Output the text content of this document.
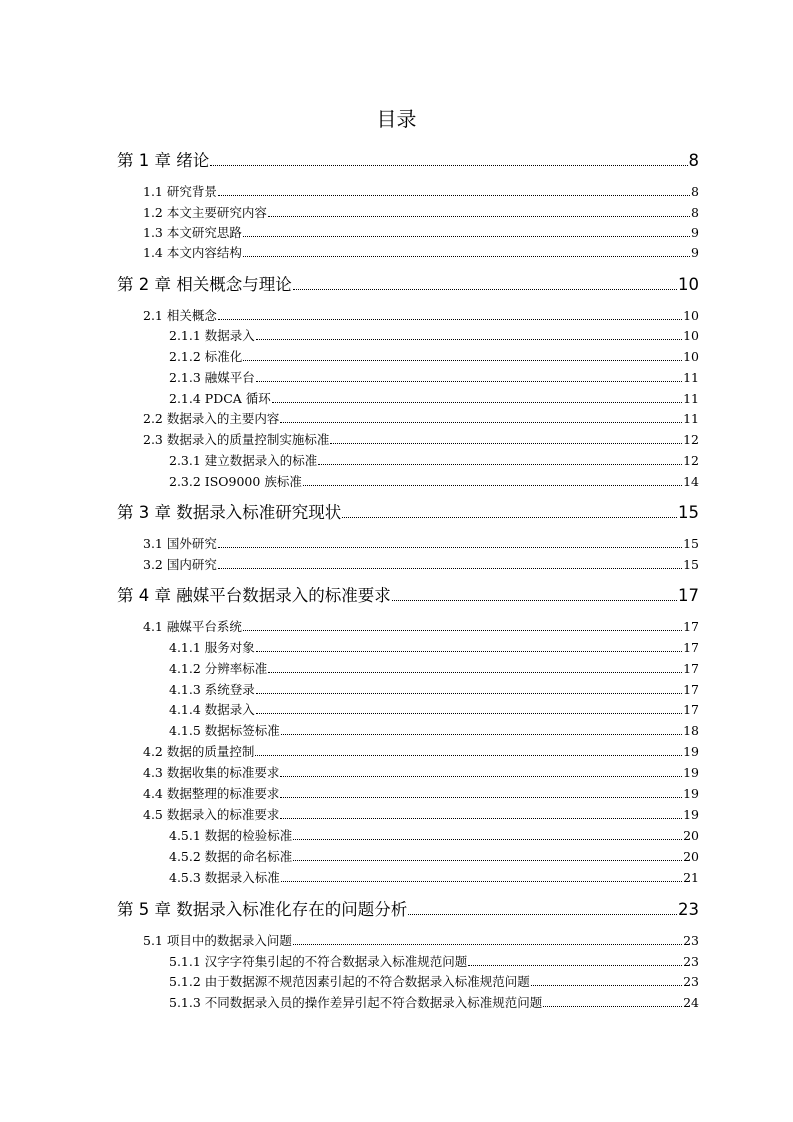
目录
第 1 章 绪论	8
1.1 研究背景	8
1.2 本文主要研究内容	8
1.3 本文研究思路	9
1.4 本文内容结构	9
第 2 章 相关概念与理论	10
2.1 相关概念	10
2.1.1 数据录入	10
2.1.2 标准化	10
2.1.3 融媒平台	11
2.1.4 PDCA 循环	11
2.2 数据录入的主要内容	11
2.3 数据录入的质量控制实施标准	12
2.3.1 建立数据录入的标准	12
2.3.2 ISO9000 族标准	14
第 3 章 数据录入标准研究现状	15
3.1 国外研究	15
3.2 国内研究	15
第 4 章 融媒平台数据录入的标准要求	17
4.1 融媒平台系统	17
4.1.1 服务对象	17
4.1.2 分辨率标准	17
4.1.3 系统登录	17
4.1.4 数据录入	17
4.1.5 数据标签标准	18
4.2 数据的质量控制	19
4.3 数据收集的标准要求	19
4.4 数据整理的标准要求	19
4.5 数据录入的标准要求	19
4.5.1 数据的检验标准	20
4.5.2 数据的命名标准	20
4.5.3 数据录入标准	21
第 5 章 数据录入标准化存在的问题分析	23
5.1 项目中的数据录入问题	23
5.1.1 汉字字符集引起的不符合数据录入标准规范问题	23
5.1.2 由于数据源不规范因素引起的不符合数据录入标准规范问题	23
5.1.3 不同数据录入员的操作差异引起不符合数据录入标准规范问题	24
